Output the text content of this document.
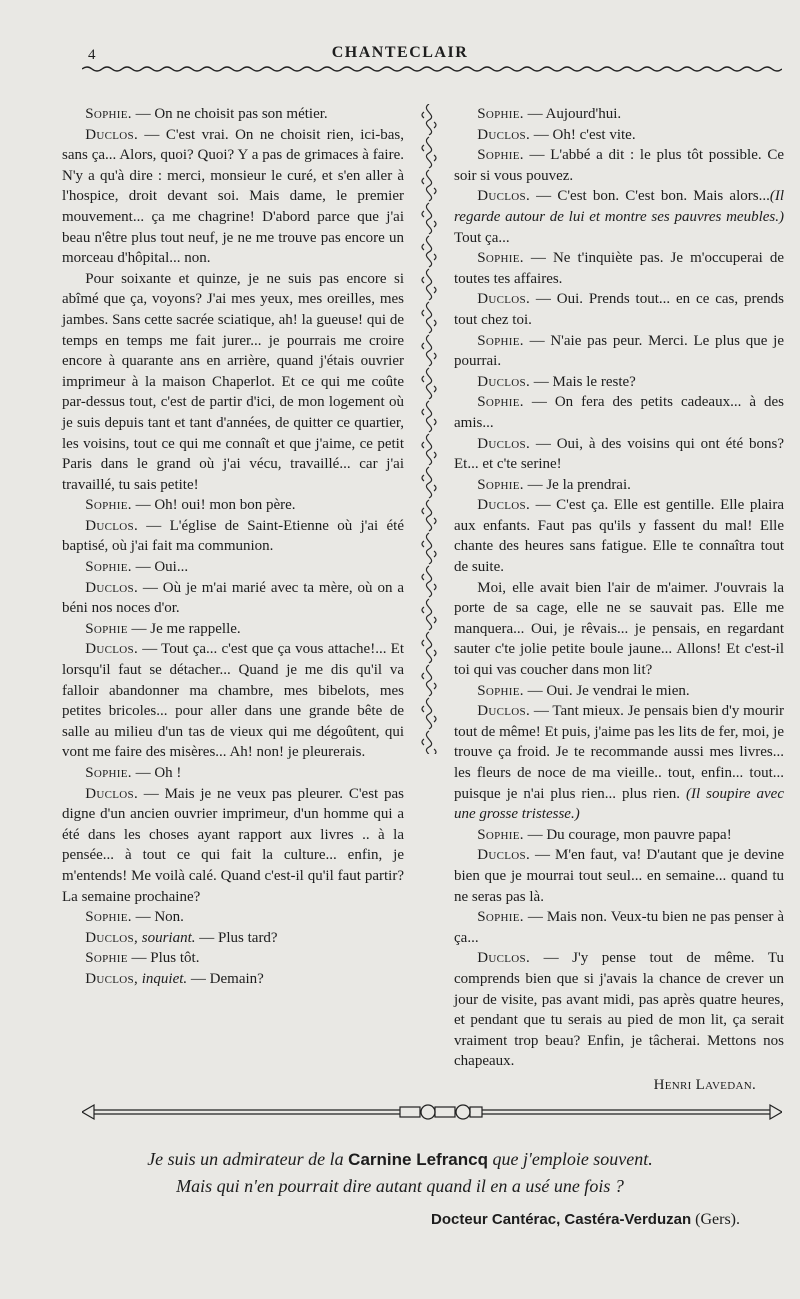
4	CHANTECLAIR

Sophie. — On ne choisit pas son métier.

Duclos. — C'est vrai. On ne choisit rien, ici-bas, sans ça... Alors, quoi? Quoi? Y a pas de grimaces à faire. N'y a qu'à dire : merci, monsieur le curé, et s'en aller à l'hospice, droit devant soi. Mais dame, le premier mouvement... ça me chagrine! D'abord parce que j'ai beau n'être plus tout neuf, je ne me trouve pas encore un morceau d'hôpital... non.

Pour soixante et quinze, je ne suis pas encore si abîmé que ça, voyons? J'ai mes yeux, mes oreilles, mes jambes. Sans cette sacrée sciatique, ah! la gueuse! qui de temps en temps me fait jurer... je pourrais me croire encore à quarante ans en arrière, quand j'étais ouvrier imprimeur à la maison Chaperlot. Et ce qui me coûte par-dessus tout, c'est de partir d'ici, de mon logement où je suis depuis tant et tant d'années, de quitter ce quartier, les voisins, tout ce qui me connaît et que j'aime, ce petit Paris dans le grand où j'ai vécu, travaillé... car j'ai travaillé, tu sais petite!

Sophie. — Oh! oui! mon bon père.

Duclos. — L'église de Saint-Etienne où j'ai été baptisé, où j'ai fait ma communion.

Sophie. — Oui...

Duclos. — Où je m'ai marié avec ta mère, où on a béni nos noces d'or.

Sophie — Je me rappelle.

Duclos. — Tout ça... c'est que ça vous attache!... Et lorsqu'il faut se détacher... Quand je me dis qu'il va falloir abandonner ma chambre, mes bibelots, mes petites bricoles... pour aller dans une grande bête de salle au milieu d'un tas de vieux qui me dégoûtent, qui vont me faire des misères... Ah! non! je pleurerais.

Sophie. — Oh !

Duclos. — Mais je ne veux pas pleurer. C'est pas digne d'un ancien ouvrier imprimeur, d'un homme qui a été dans les choses ayant rapport aux livres .. à la pensée... à tout ce qui fait la culture... enfin, je m'entends! Me voilà calé. Quand c'est-il qu'il faut partir? La semaine prochaine?

Sophie. — Non.

Duclos, souriant. — Plus tard?

Sophie — Plus tôt.

Duclos, inquiet. — Demain?

Sophie. — Aujourd'hui.

Duclos. — Oh! c'est vite.

Sophie. — L'abbé a dit : le plus tôt possible. Ce soir si vous pouvez.

Duclos. — C'est bon. C'est bon. Mais alors...(Il regarde autour de lui et montre ses pauvres meubles.) Tout ça...

Sophie. — Ne t'inquiète pas. Je m'occuperai de toutes tes affaires.

Duclos. — Oui. Prends tout... en ce cas, prends tout chez toi.

Sophie. — N'aie pas peur. Merci. Le plus que je pourrai.

Duclos. — Mais le reste?

Sophie. — On fera des petits cadeaux... à des amis...

Duclos. — Oui, à des voisins qui ont été bons? Et... et c'te serine!

Sophie. — Je la prendrai.

Duclos. — C'est ça. Elle est gentille. Elle plaira aux enfants. Faut pas qu'ils y fassent du mal! Elle chante des heures sans fatigue. Elle te connaîtra tout de suite.

Moi, elle avait bien l'air de m'aimer. J'ouvrais la porte de sa cage, elle ne se sauvait pas. Elle me manquera... Oui, je rêvais... je pensais, en regardant sauter c'te jolie petite boule jaune... Allons! Et c'est-il toi qui vas coucher dans mon lit?

Sophie. — Oui. Je vendrai le mien.

Duclos. — Tant mieux. Je pensais bien d'y mourir tout de même! Et puis, j'aime pas les lits de fer, moi, je trouve ça froid. Je te recommande aussi mes livres... les fleurs de noce de ma vieille.. tout, enfin... tout... puisque je n'ai plus rien... plus rien. (Il soupire avec une grosse tristesse.)

Sophie. — Du courage, mon pauvre papa!

Duclos. — M'en faut, va! D'autant que je devine bien que je mourrai tout seul... en semaine... quand tu ne seras pas là.

Sophie. — Mais non. Veux-tu bien ne pas penser à ça...

Duclos. — J'y pense tout de même. Tu comprends bien que si j'avais la chance de crever un jour de visite, pas avant midi, pas après quatre heures, et pendant que tu serais au pied de mon lit, ça serait vraiment trop beau? Enfin, je tâcherai. Mettons nos chapeaux.

Henri Lavedan.

Je suis un admirateur de la Carnine Lefrancq que j'emploie souvent.
Mais qui n'en pourrait dire autant quand il en a usé une fois ?
Docteur Cantérac, Castéra-Verduzan (Gers).
